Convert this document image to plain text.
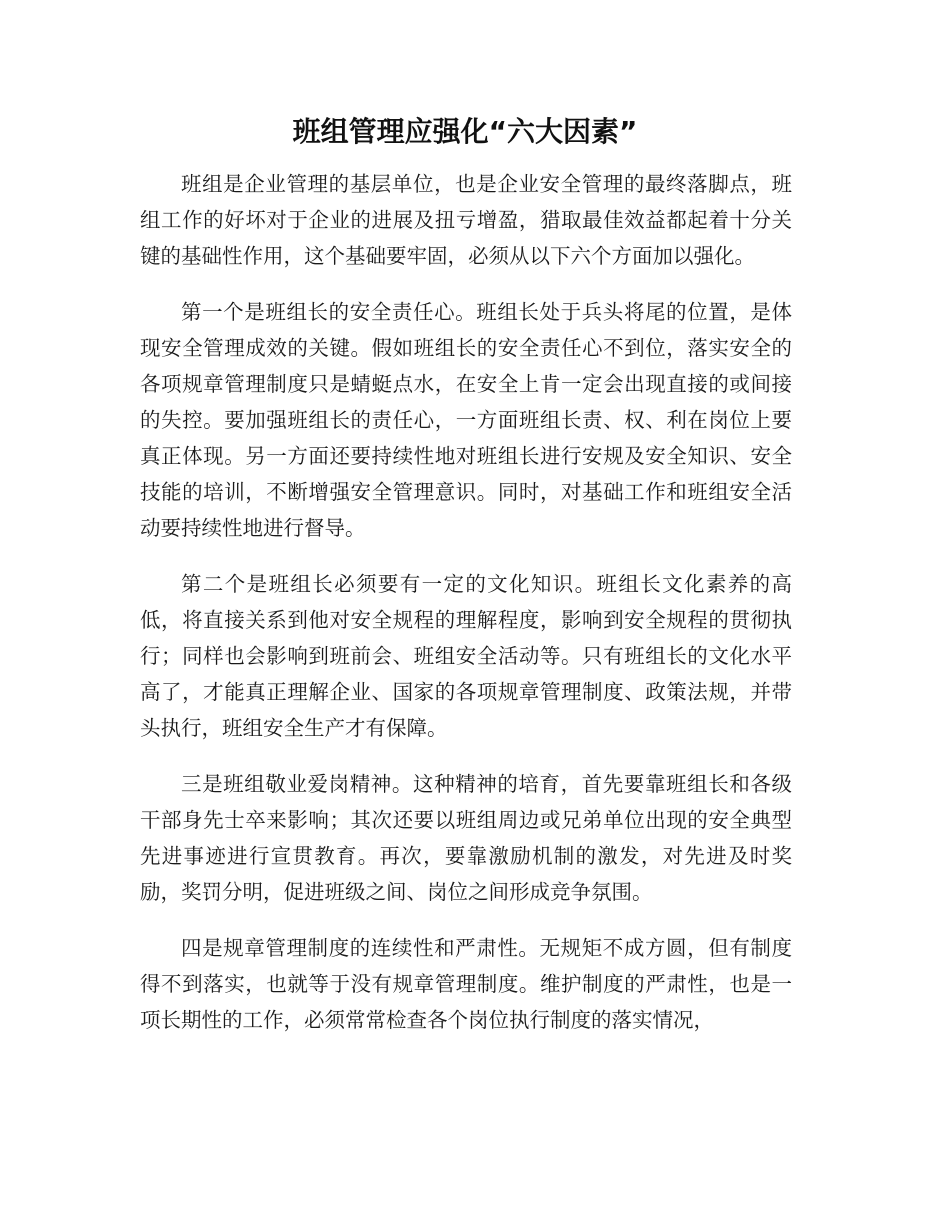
班组管理应强化“六大因素”

班组是企业管理的基层单位，也是企业安全管理的最终落脚点，班组工作的好坏对于企业的进展及扭亏增盈，猎取最佳效益都起着十分关键的基础性作用，这个基础要牢固，必须从以下六个方面加以强化。

第一个是班组长的安全责任心。班组长处于兵头将尾的位置，是体现安全管理成效的关键。假如班组长的安全责任心不到位，落实安全的各项规章管理制度只是蜻蜓点水，在安全上肯一定会出现直接的或间接的失控。要加强班组长的责任心，一方面班组长责、权、利在岗位上要真正体现。另一方面还要持续性地对班组长进行安规及安全知识、安全技能的培训，不断增强安全管理意识。同时，对基础工作和班组安全活动要持续性地进行督导。

第二个是班组长必须要有一定的文化知识。班组长文化素养的高低，将直接关系到他对安全规程的理解程度，影响到安全规程的贯彻执行；同样也会影响到班前会、班组安全活动等。只有班组长的文化水平高了，才能真正理解企业、国家的各项规章管理制度、政策法规，并带头执行，班组安全生产才有保障。

三是班组敬业爱岗精神。这种精神的培育，首先要靠班组长和各级干部身先士卒来影响；其次还要以班组周边或兄弟单位出现的安全典型先进事迹进行宣贯教育。再次，要靠激励机制的激发，对先进及时奖励，奖罚分明，促进班级之间、岗位之间形成竞争氛围。

四是规章管理制度的连续性和严肃性。无规矩不成方圆，但有制度得不到落实，也就等于没有规章管理制度。维护制度的严肃性，也是一项长期性的工作，必须常常检查各个岗位执行制度的落实情况，
